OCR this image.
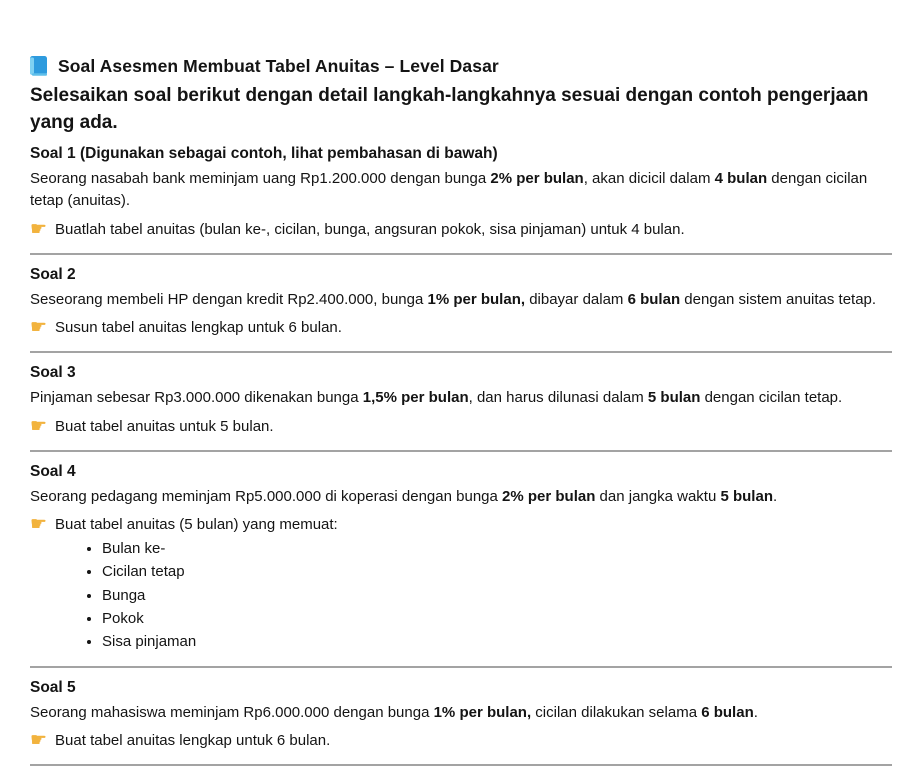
Soal Asesmen Membuat Tabel Anuitas – Level Dasar

Selesaikan soal berikut dengan detail langkah-langkahnya sesuai dengan contoh pengerjaan yang ada.

Soal 1 (Digunakan sebagai contoh, lihat pembahasan di bawah)

Seorang nasabah bank meminjam uang Rp1.200.000 dengan bunga 2% per bulan, akan dicicil dalam 4 bulan dengan cicilan tetap (anuitas).

☛ Buatlah tabel anuitas (bulan ke-, cicilan, bunga, angsuran pokok, sisa pinjaman) untuk 4 bulan.
Soal 2

Seseorang membeli HP dengan kredit Rp2.400.000, bunga 1% per bulan, dibayar dalam 6 bulan dengan sistem anuitas tetap.

☛ Susun tabel anuitas lengkap untuk 6 bulan.
Soal 3

Pinjaman sebesar Rp3.000.000 dikenakan bunga 1,5% per bulan, dan harus dilunasi dalam 5 bulan dengan cicilan tetap.

☛ Buat tabel anuitas untuk 5 bulan.
Soal 4

Seorang pedagang meminjam Rp5.000.000 di koperasi dengan bunga 2% per bulan dan jangka waktu 5 bulan.

☛ Buat tabel anuitas (5 bulan) yang memuat:
• Bulan ke-
• Cicilan tetap
• Bunga
• Pokok
• Sisa pinjaman
Soal 5

Seorang mahasiswa meminjam Rp6.000.000 dengan bunga 1% per bulan, cicilan dilakukan selama 6 bulan.

☛ Buat tabel anuitas lengkap untuk 6 bulan.
